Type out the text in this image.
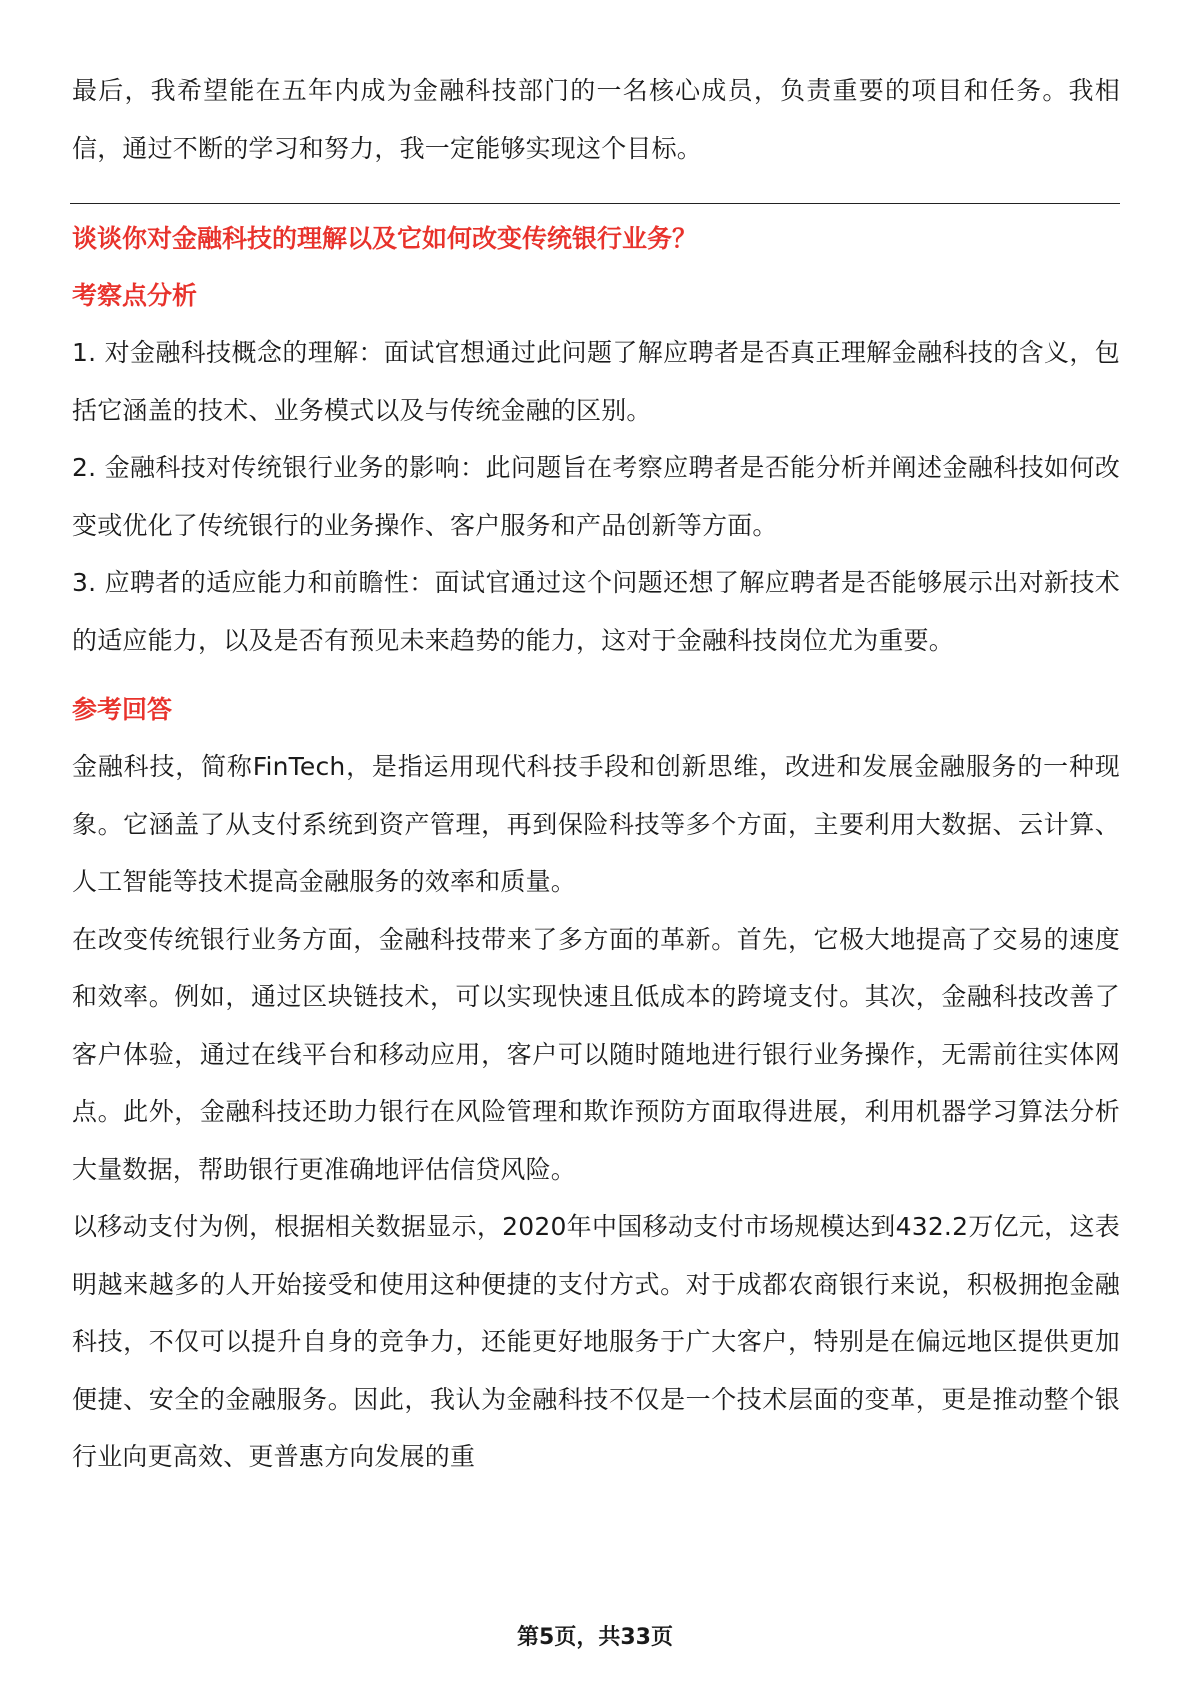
最后，我希望能在五年内成为金融科技部门的一名核心成员，负责重要的项目和任务。我相信，通过不断的学习和努力，我一定能够实现这个目标。

谈谈你对金融科技的理解以及它如何改变传统银行业务？

考察点分析

1. 对金融科技概念的理解：面试官想通过此问题了解应聘者是否真正理解金融科技的含义，包括它涵盖的技术、业务模式以及与传统金融的区别。

2. 金融科技对传统银行业务的影响：此问题旨在考察应聘者是否能分析并阐述金融科技如何改变或优化了传统银行的业务操作、客户服务和产品创新等方面。

3. 应聘者的适应能力和前瞻性：面试官通过这个问题还想了解应聘者是否能够展示出对新技术的适应能力，以及是否有预见未来趋势的能力，这对于金融科技岗位尤为重要。

参考回答

金融科技，简称FinTech，是指运用现代科技手段和创新思维，改进和发展金融服务的一种现象。它涵盖了从支付系统到资产管理，再到保险科技等多个方面，主要利用大数据、云计算、人工智能等技术提高金融服务的效率和质量。

在改变传统银行业务方面，金融科技带来了多方面的革新。首先，它极大地提高了交易的速度和效率。例如，通过区块链技术，可以实现快速且低成本的跨境支付。其次，金融科技改善了客户体验，通过在线平台和移动应用，客户可以随时随地进行银行业务操作，无需前往实体网点。此外，金融科技还助力银行在风险管理和欺诈预防方面取得进展，利用机器学习算法分析大量数据，帮助银行更准确地评估信贷风险。

以移动支付为例，根据相关数据显示，2020年中国移动支付市场规模达到432.2万亿元，这表明越来越多的人开始接受和使用这种便捷的支付方式。对于成都农商银行来说，积极拥抱金融科技，不仅可以提升自身的竞争力，还能更好地服务于广大客户，特别是在偏远地区提供更加便捷、安全的金融服务。因此，我认为金融科技不仅是一个技术层面的变革，更是推动整个银行业向更高效、更普惠方向发展的重

第5页，共33页
